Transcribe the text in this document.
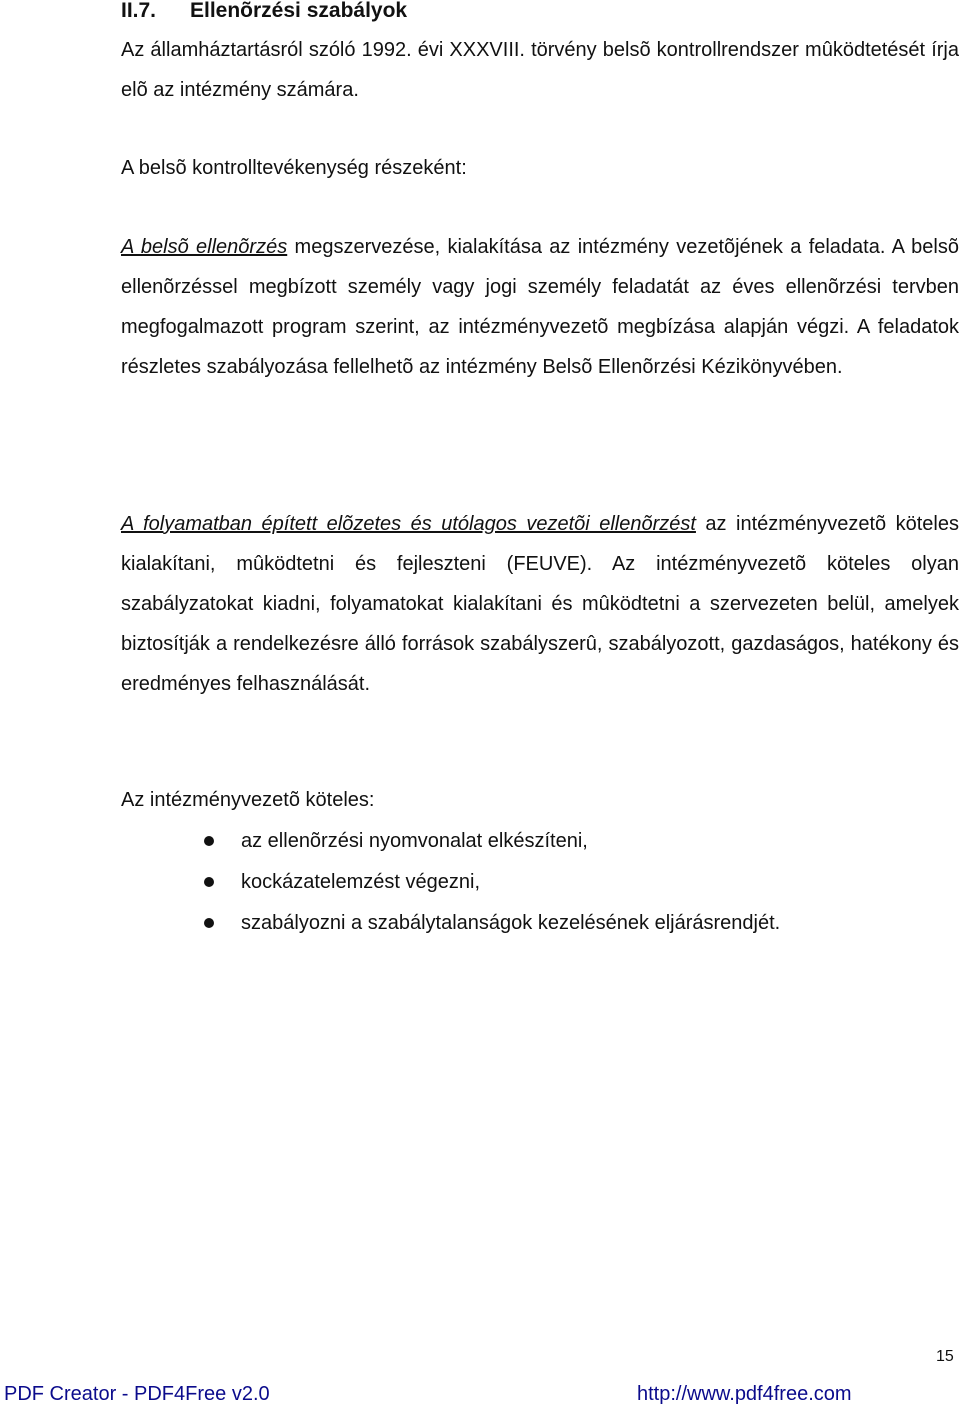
II.7. Ellenõrzési szabályok
Az államháztartásról szóló 1992. évi XXXVIII. törvény belsõ kontrollrendszer mûködtetését írja elõ az intézmény számára.
A belsõ kontrolltevékenység részeként:
A belsõ ellenõrzés megszervezése, kialakítása az intézmény vezetõjének a feladata. A belsõ ellenõrzéssel megbízott személy vagy jogi személy feladatát az éves ellenõrzési tervben megfogalmazott program szerint, az intézményvezetõ megbízása alapján végzi. A feladatok részletes szabályozása fellelhetõ az intézmény Belsõ Ellenõrzési Kézikönyvében.
A folyamatban épített elõzetes és utólagos vezetõi ellenõrzést az intézményvezetõ köteles kialakítani, mûködtetni és fejleszteni (FEUVE). Az intézményvezetõ köteles olyan szabályzatokat kiadni, folyamatokat kialakítani és mûködtetni a szervezeten belül, amelyek biztosítják a rendelkezésre álló források szabályszerû, szabályozott, gazdaságos, hatékony és eredményes felhasználását.
Az intézményvezetõ köteles:
az ellenõrzési nyomvonalat elkészíteni,
kockázatelemzést végezni,
szabályozni a szabálytalanságok kezelésének eljárásrendjét.
15
PDF Creator - PDF4Free v2.0	http://www.pdf4free.com
